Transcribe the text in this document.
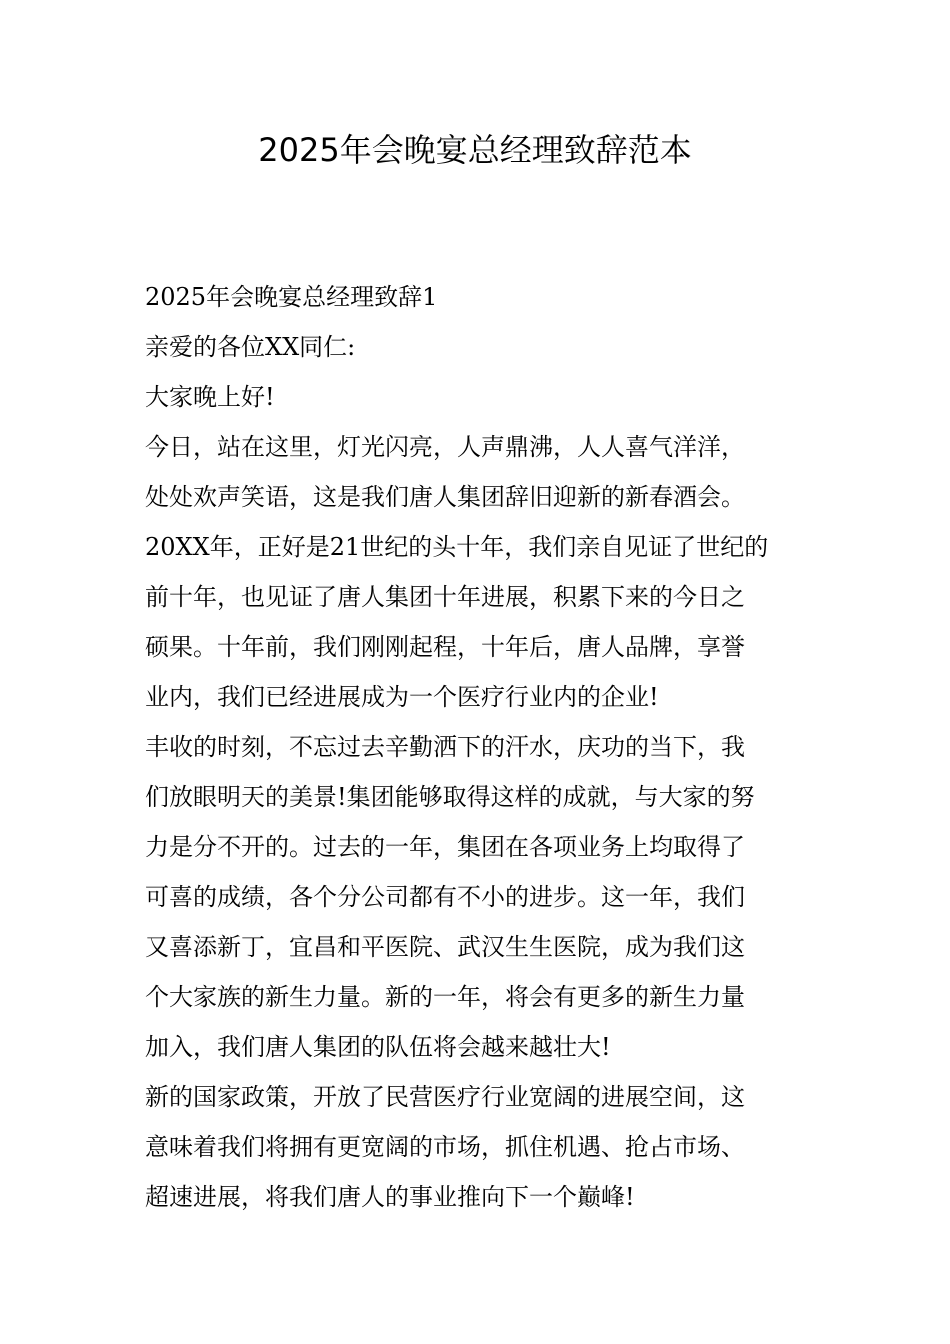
2025年会晚宴总经理致辞范本
2025年会晚宴总经理致辞1
亲爱的各位XX同仁:
大家晚上好!
今日，站在这里，灯光闪亮，人声鼎沸，人人喜气洋洋，
处处欢声笑语，这是我们唐人集团辞旧迎新的新春酒会。
20XX年，正好是21世纪的头十年，我们亲自见证了世纪的
前十年，也见证了唐人集团十年进展，积累下来的今日之
硕果。十年前，我们刚刚起程，十年后，唐人品牌，享誉
业内，我们已经进展成为一个医疗行业内的企业!
丰收的时刻，不忘过去辛勤洒下的汗水，庆功的当下，我
们放眼明天的美景!集团能够取得这样的成就，与大家的努
力是分不开的。过去的一年，集团在各项业务上均取得了
可喜的成绩，各个分公司都有不小的进步。这一年，我们
又喜添新丁，宜昌和平医院、武汉生生医院，成为我们这
个大家族的新生力量。新的一年，将会有更多的新生力量
加入，我们唐人集团的队伍将会越来越壮大!
新的国家政策，开放了民营医疗行业宽阔的进展空间，这
意味着我们将拥有更宽阔的市场，抓住机遇、抢占市场、
超速进展，将我们唐人的事业推向下一个巅峰!
